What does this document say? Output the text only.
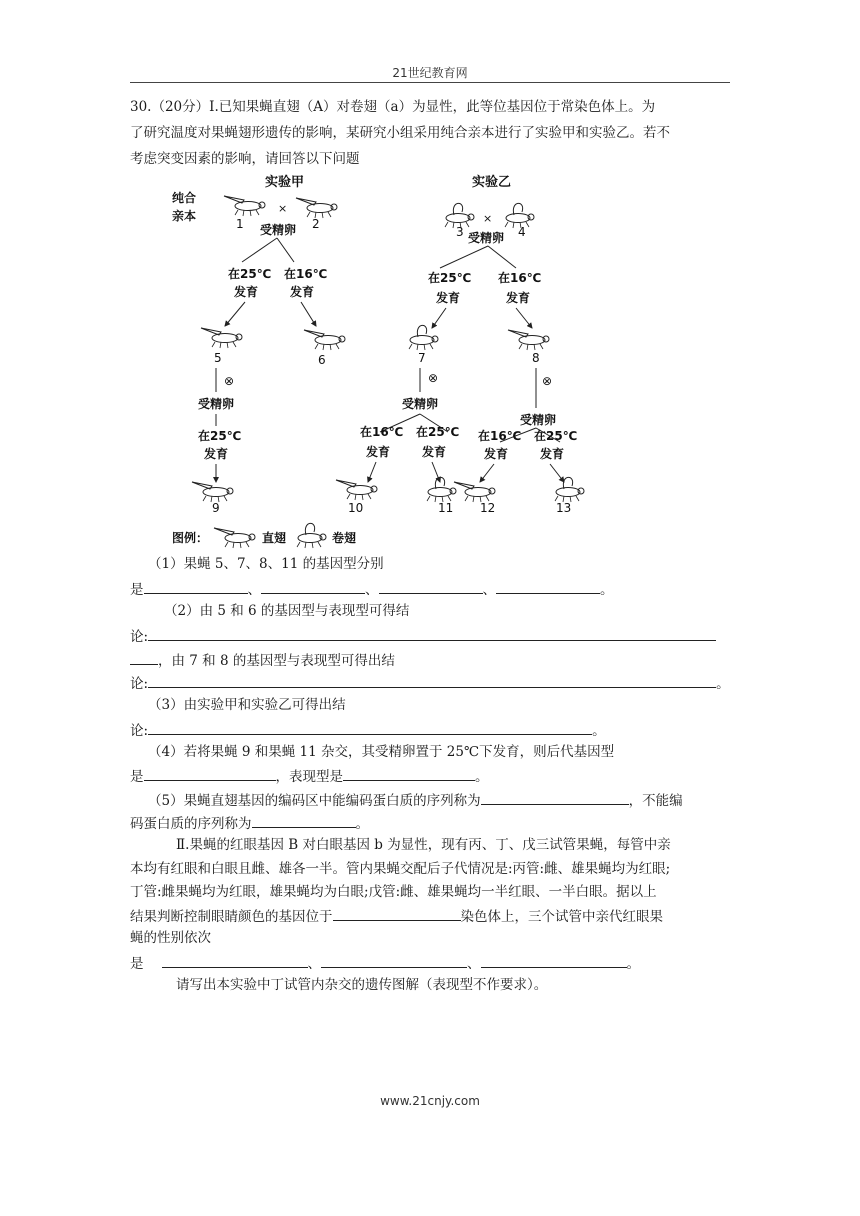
21世纪教育网
30.（20分）Ⅰ.已知果蝇直翅（A）对卷翅（a）为显性，此等位基因位于常染色体上。为
了研究温度对果蝇翅形遗传的影响，某研究小组采用纯合亲本进行了实验甲和实验乙。若不
考虑突变因素的影响，请回答以下问题
实验甲
纯合
亲本
×
1	2
受精卵
在25℃ 在16℃
发育	发育
5	6
⊗
受精卵
在25℃
发育
9
实验乙
×
3	4
受精卵
在25℃ 在16℃
发育	发育
7	8
⊗	⊗
受精卵
受精卵
在16℃ 在25℃ 在16℃ 在25℃
发育	发育	发育	发育
10	11 12	13
图例：	直翅	卷翅
（1）果蝇 5、7、8、11 的基因型分别
是	、	、	、	。
（2）由 5 和 6 的基因型与表现型可得结
论:
，由 7 和 8 的基因型与表现型可得出结
论:	。
（3）由实验甲和实验乙可得出结
论:	。
（4）若将果蝇 9 和果蝇 11 杂交，其受精卵置于 25℃下发育，则后代基因型
是	，表现型是	。
（5）果蝇直翅基因的编码区中能编码蛋白质的序列称为	，不能编
码蛋白质的序列称为	。
Ⅱ.果蝇的红眼基因 B 对白眼基因 b 为显性，现有丙、丁、戊三试管果蝇，每管中亲
本均有红眼和白眼且雌、雄各一半。管内果蝇交配后子代情况是:丙管:雌、雄果蝇均为红眼;
丁管:雌果蝇均为红眼，雄果蝇均为白眼;戊管:雌、雄果蝇均一半红眼、一半白眼。据以上
结果判断控制眼睛颜色的基因位于	染色体上，三个试管中亲代红眼果
蝇的性别依次
是	、	、	。
请写出本实验中丁试管内杂交的遗传图解（表现型不作要求）。
www.21cnjy.com
